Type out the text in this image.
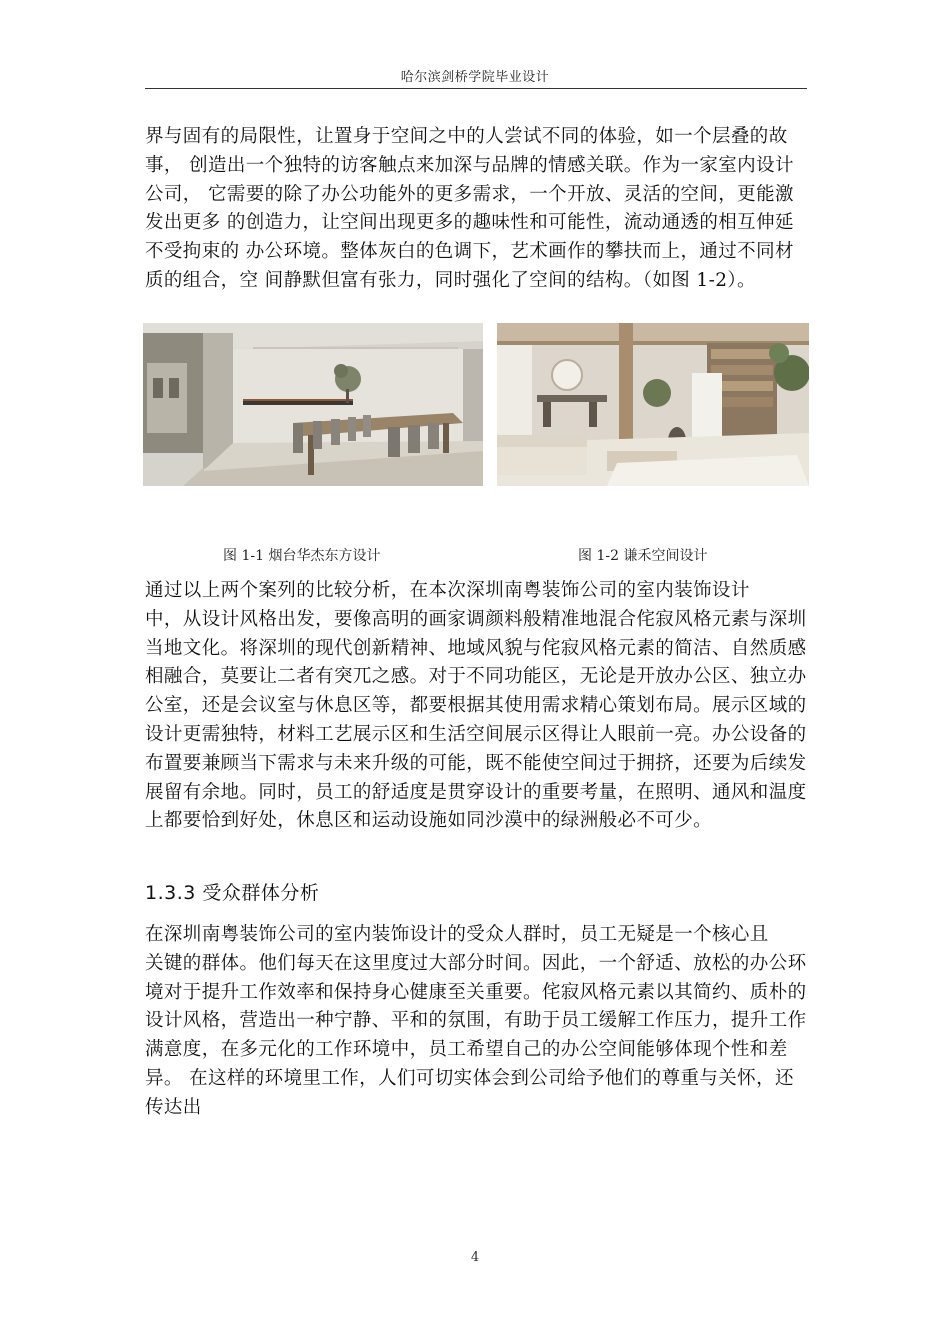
哈尔滨剑桥学院毕业设计

界与固有的局限性，让置身于空间之中的人尝试不同的体验，如一个层叠的故
事， 创造出一个独特的访客触点来加深与品牌的情感关联。作为一家室内设计
公司， 它需要的除了办公功能外的更多需求，一个开放、灵活的空间，更能激
发出更多 的创造力，让空间出现更多的趣味性和可能性，流动通透的相互伸延
不受拘束的 办公环境。整体灰白的色调下，艺术画作的攀扶而上，通过不同材
质的组合，空 间静默但富有张力，同时强化了空间的结构。（如图 1-2）。

图 1-1 烟台华杰东方设计	图 1-2 谦禾空间设计

通过以上两个案列的比较分析，在本次深圳南粤装饰公司的室内装饰设计
中，从设计风格出发，要像高明的画家调颜料般精准地混合侘寂风格元素与深圳
当地文化。将深圳的现代创新精神、地域风貌与侘寂风格元素的简洁、自然质感
相融合，莫要让二者有突兀之感。对于不同功能区，无论是开放办公区、独立办
公室，还是会议室与休息区等，都要根据其使用需求精心策划布局。展示区域的
设计更需独特，材料工艺展示区和生活空间展示区得让人眼前一亮。办公设备的
布置要兼顾当下需求与未来升级的可能，既不能使空间过于拥挤，还要为后续发
展留有余地。同时，员工的舒适度是贯穿设计的重要考量，在照明、通风和温度
上都要恰到好处，休息区和运动设施如同沙漠中的绿洲般必不可少。

1.3.3 受众群体分析

在深圳南粤装饰公司的室内装饰设计的受众人群时，员工无疑是一个核心且
关键的群体。他们每天在这里度过大部分时间。因此，一个舒适、放松的办公环
境对于提升工作效率和保持身心健康至关重要。侘寂风格元素以其简约、质朴的
设计风格，营造出一种宁静、平和的氛围，有助于员工缓解工作压力，提升工作
满意度，在多元化的工作环境中，员工希望自己的办公空间能够体现个性和差
异。 在这样的环境里工作，人们可切实体会到公司给予他们的尊重与关怀，还
传达出

4
